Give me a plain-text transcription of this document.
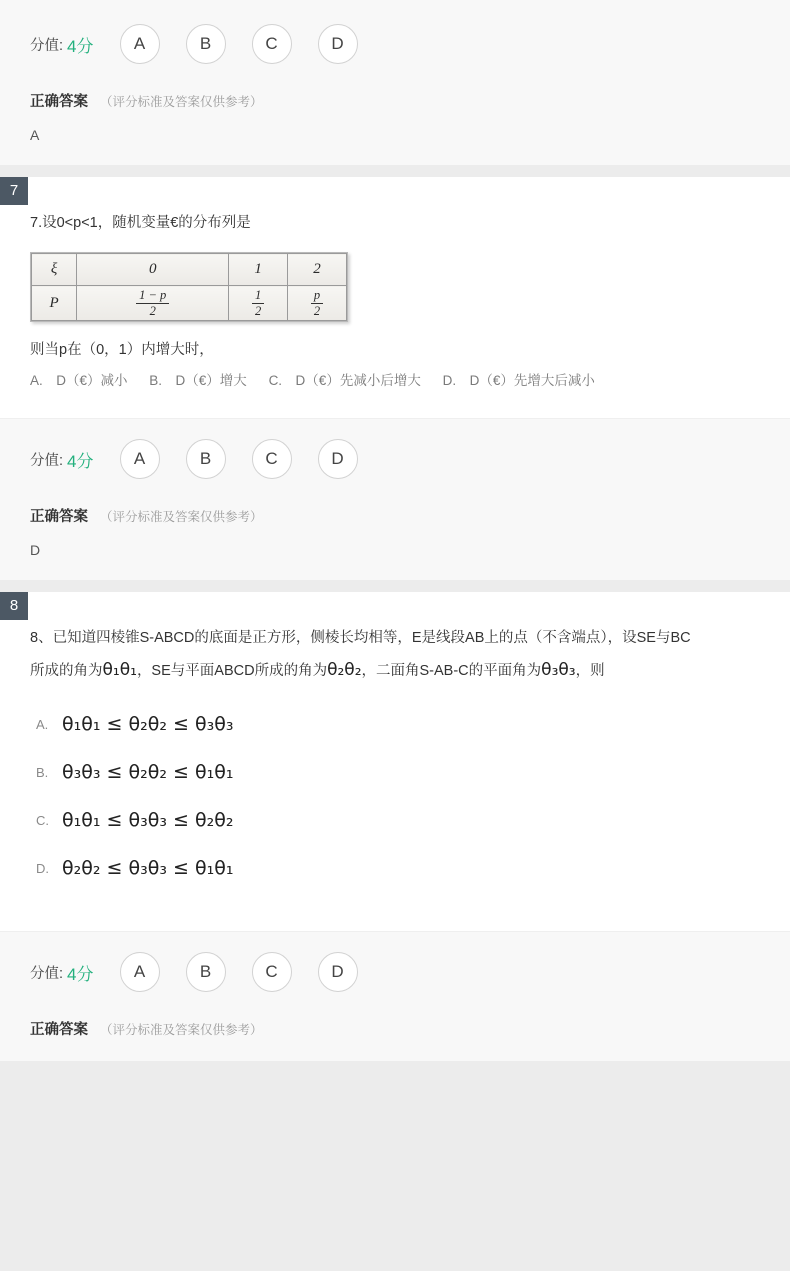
分值: 4分	A	B	C	D
正确答案 （评分标准及答案仅供参考）
A
7

7.设0<p<1，随机变量€的分布列是

ξ	0	1	2
P	$\frac{1 - p}{2}$	$\frac{1}{2}$	$\frac{p}{2}$

则当p在（0，1）内增大时，

A.　D（€）减小 B.　D（€）增大 C.　D（€）先减小后增大 D.　D（€）先增大后减小
分值: 4分	A	B	C	D
正确答案 （评分标准及答案仅供参考）
D
8

8、已知道四棱锥S-ABCD的底面是正方形，侧棱长均相等，E是线段AB上的点（不含端点），设SE与BC

所成的角为θ₁θ₁，SE与平面ABCD所成的角为θ₂θ₂，二面角S-AB-C的平面角为θ₃θ₃，则

A. θ₁θ₁ ≤ θ₂θ₂ ≤ θ₃θ₃
B. θ₃θ₃ ≤ θ₂θ₂ ≤ θ₁θ₁
C. θ₁θ₁ ≤ θ₃θ₃ ≤ θ₂θ₂
D. θ₂θ₂ ≤ θ₃θ₃ ≤ θ₁θ₁
分值: 4分	A	B	C	D
正确答案 （评分标准及答案仅供参考）
